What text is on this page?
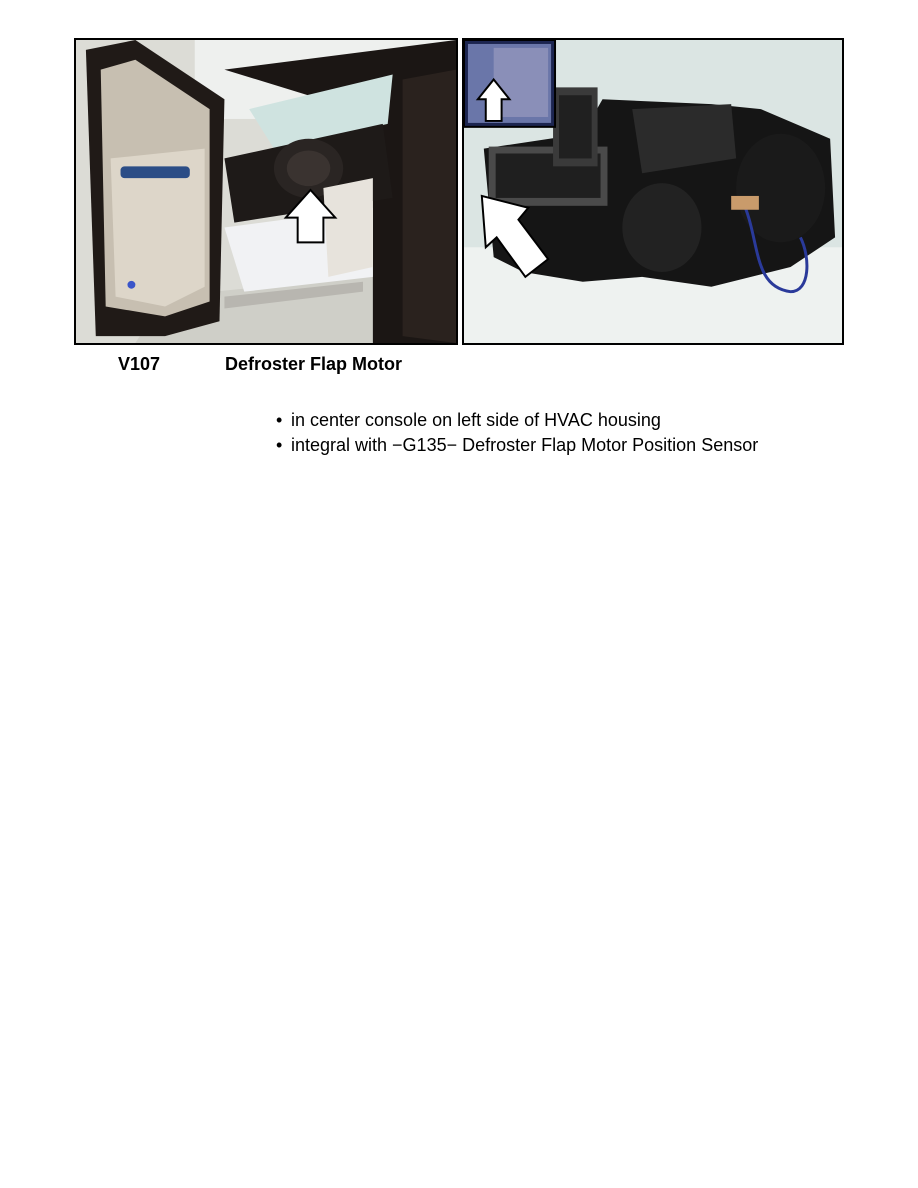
V107	Defroster Flap Motor
• in center console on left side of HVAC housing
• integral with −G135− Defroster Flap Motor Position Sensor
